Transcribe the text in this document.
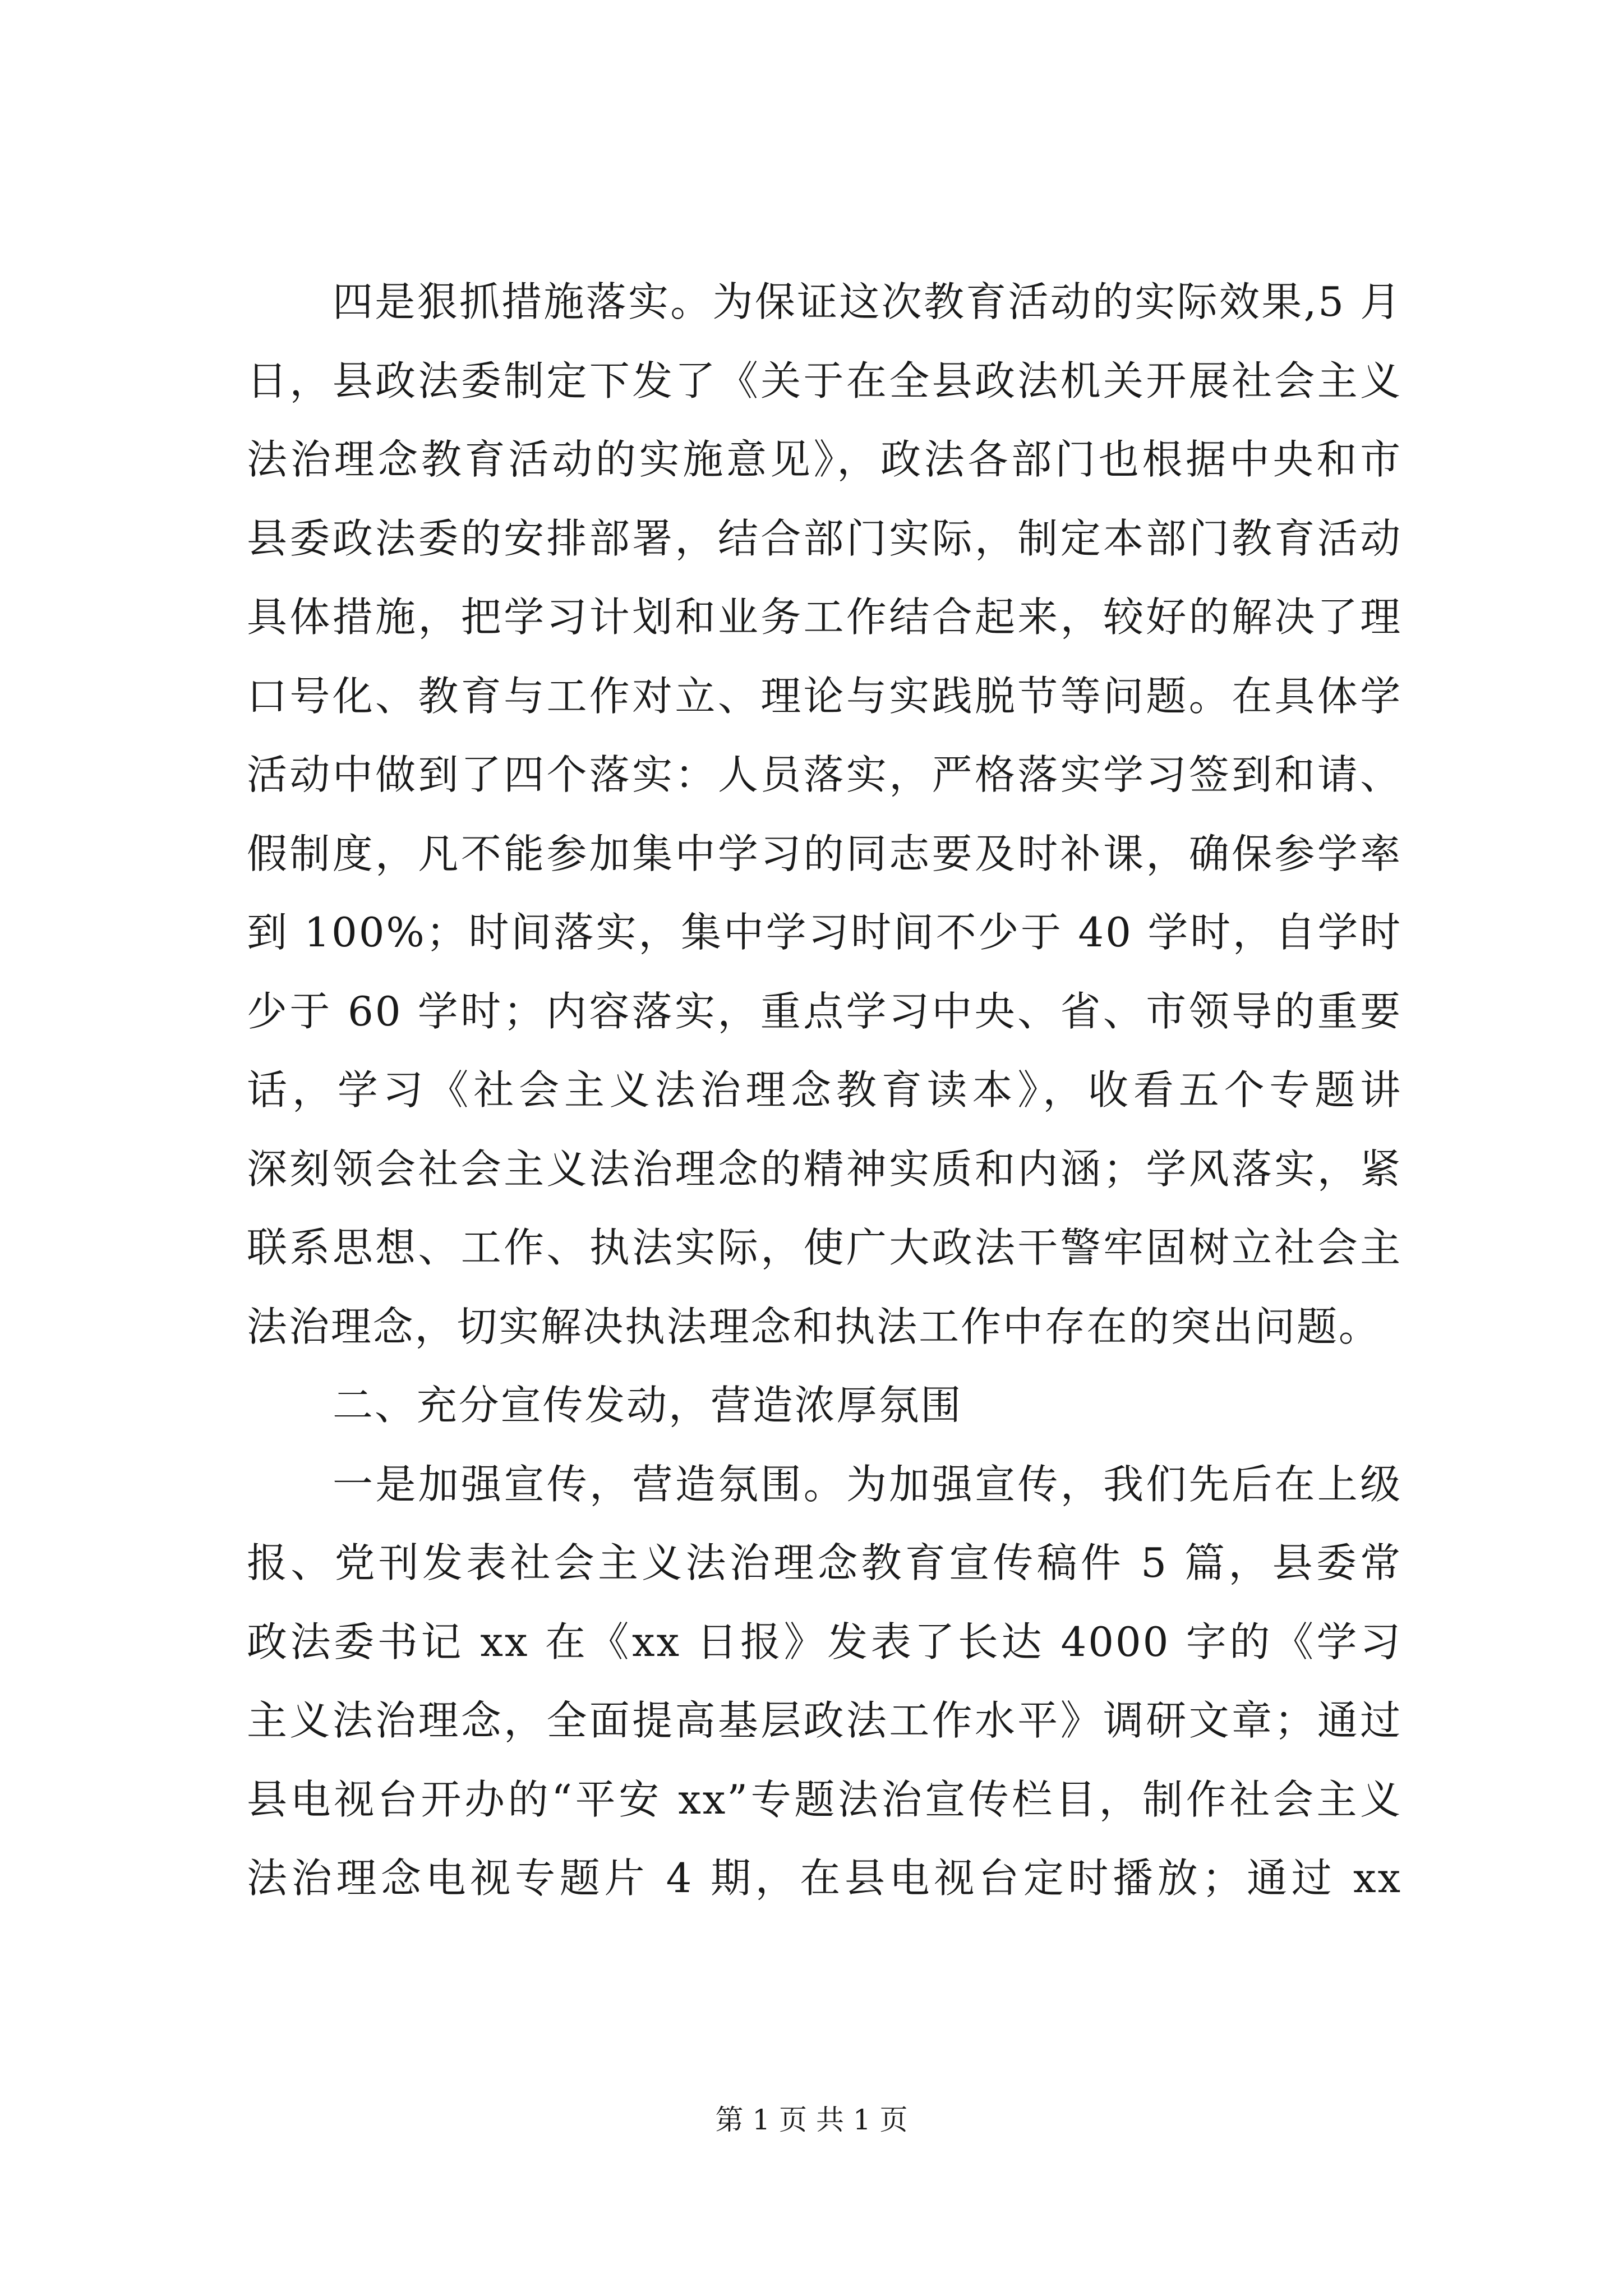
四是狠抓措施落实。为保证这次教育活动的实际效果,5 月
日，县政法委制定下发了《关于在全县政法机关开展社会主义
法治理念教育活动的实施意见》，政法各部门也根据中央和市
县委政法委的安排部署，结合部门实际，制定本部门教育活动
具体措施，把学习计划和业务工作结合起来，较好的解决了理
口号化、教育与工作对立、理论与实践脱节等问题。在具体学
活动中做到了四个落实：人员落实，严格落实学习签到和请、
假制度，凡不能参加集中学习的同志要及时补课，确保参学率
到 100%；时间落实，集中学习时间不少于 40 学时，自学时
少于 60 学时；内容落实，重点学习中央、省、市领导的重要
话，学习《社会主义法治理念教育读本》，收看五个专题讲
深刻领会社会主义法治理念的精神实质和内涵；学风落实，紧
联系思想、工作、执法实际，使广大政法干警牢固树立社会主
法治理念，切实解决执法理念和执法工作中存在的突出问题。
二、充分宣传发动，营造浓厚氛围
一是加强宣传，营造氛围。为加强宣传，我们先后在上级
报、党刊发表社会主义法治理念教育宣传稿件 5 篇，县委常
政法委书记 xx 在《xx 日报》发表了长达 4000 字的《学习
主义法治理念，全面提高基层政法工作水平》调研文章；通过
县电视台开办的“平安 xx”专题法治宣传栏目，制作社会主义
法治理念电视专题片 4 期，在县电视台定时播放；通过 xx
第 1 页 共 1 页
